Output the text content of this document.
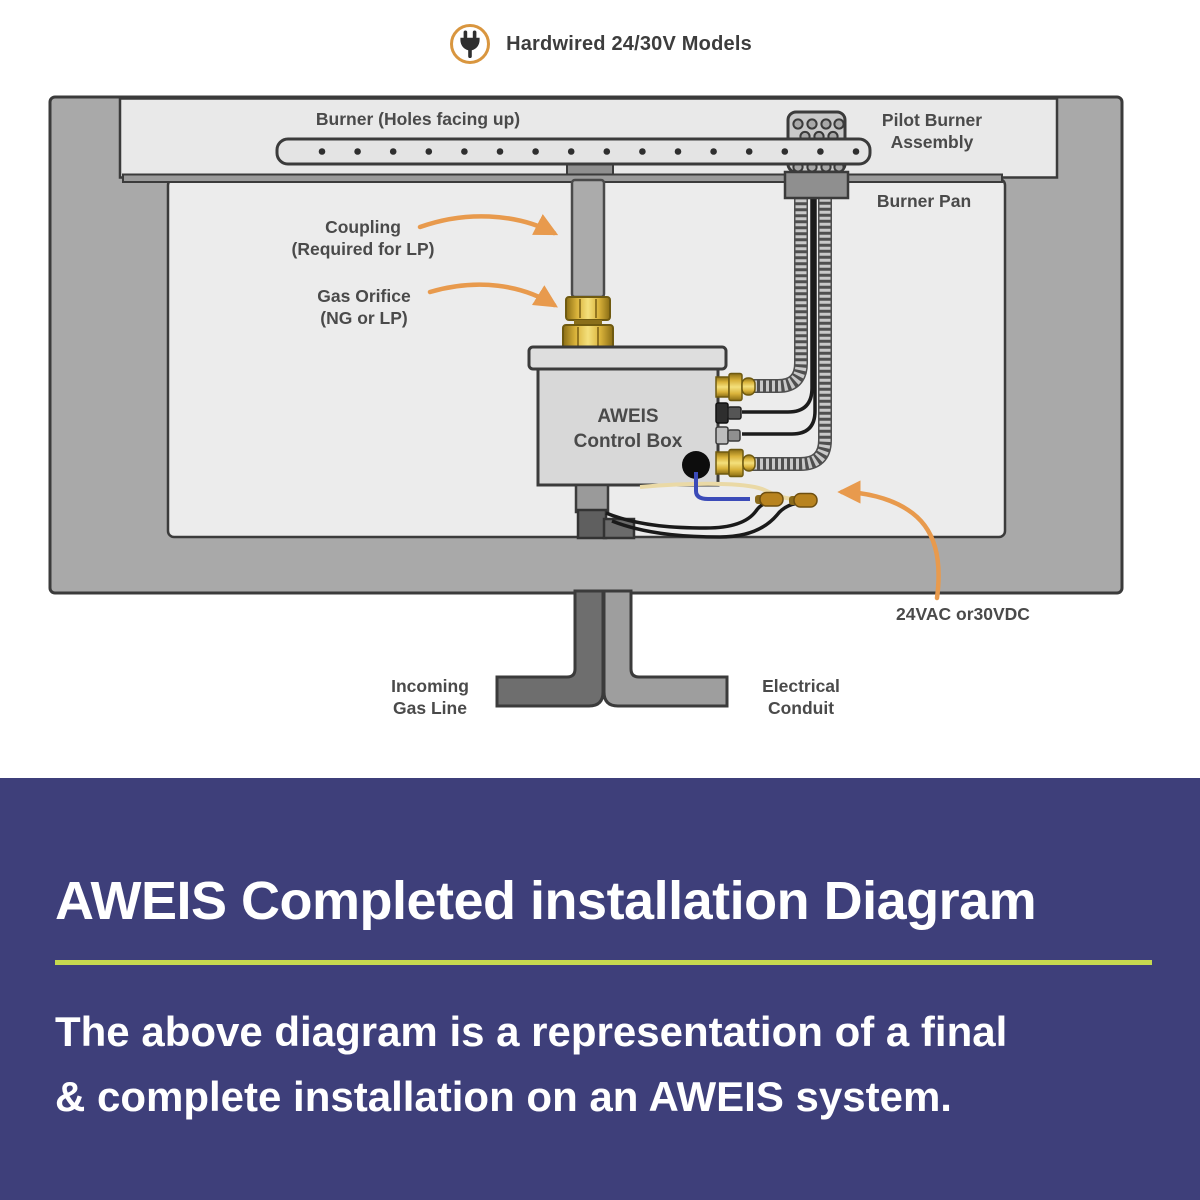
Hardwired 24/30V Models
AWEIS
Control Box
Burner (Holes facing up)	Pilot Burner
Assembly
Burner Pan
Coupling
(Required for LP)
Gas Orifice
(NG or LP)
24VAC or30VDC
Incoming
Gas Line
Electrical
Conduit
AWEIS Completed installation Diagram

The above diagram is a representation of a final
& complete installation on an AWEIS system.
